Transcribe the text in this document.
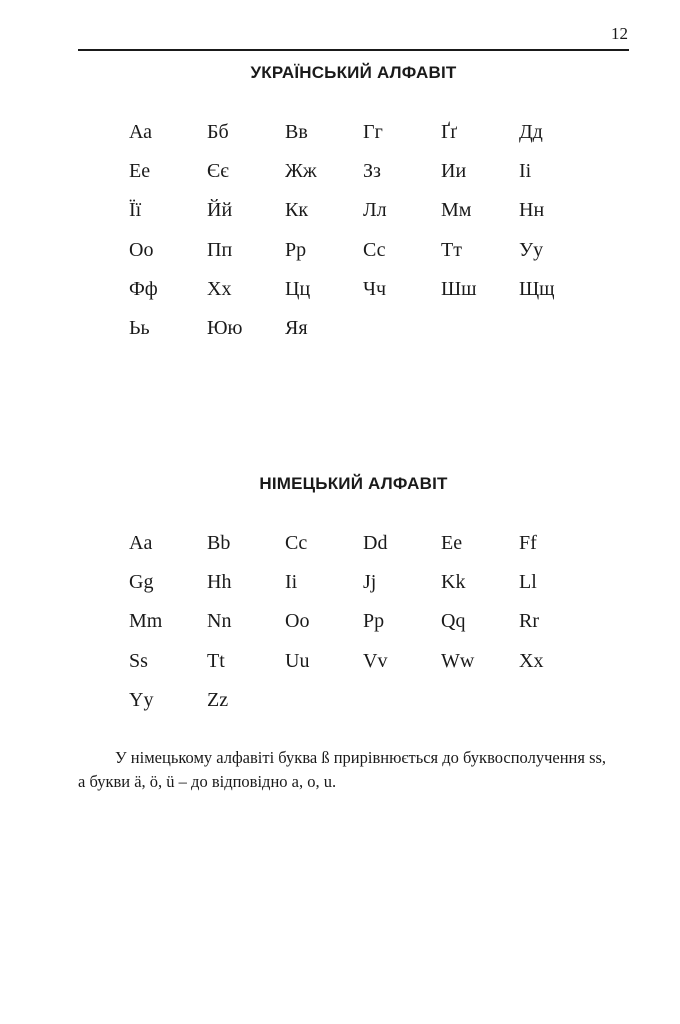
12
УКРАЇНСЬКИЙ АЛФАВІТ
Аа	Бб	Вв	Гг	Ґґ	Дд
Ее	Єє	Жж	Зз	Ии	Іі
Її	Йй	Кк	Лл	Мм	Нн
Оо	Пп	Рр	Сс	Тт	Уу
Фф	Хх	Цц	Чч	Шш	Щщ
Ьь	Юю	Яя
НІМЕЦЬКИЙ АЛФАВІТ
Aa	Bb	Cc	Dd	Ee	Ff
Gg	Hh	Ii	Jj	Kk	Ll
Mm	Nn	Oo	Pp	Qq	Rr
Ss	Tt	Uu	Vv	Ww	Xx
Yy	Zz

У німецькому алфавіті буква ß прирівнюється до буквосполучення ss,

а букви ä, ö, ü – до відповідно a, o, u.
